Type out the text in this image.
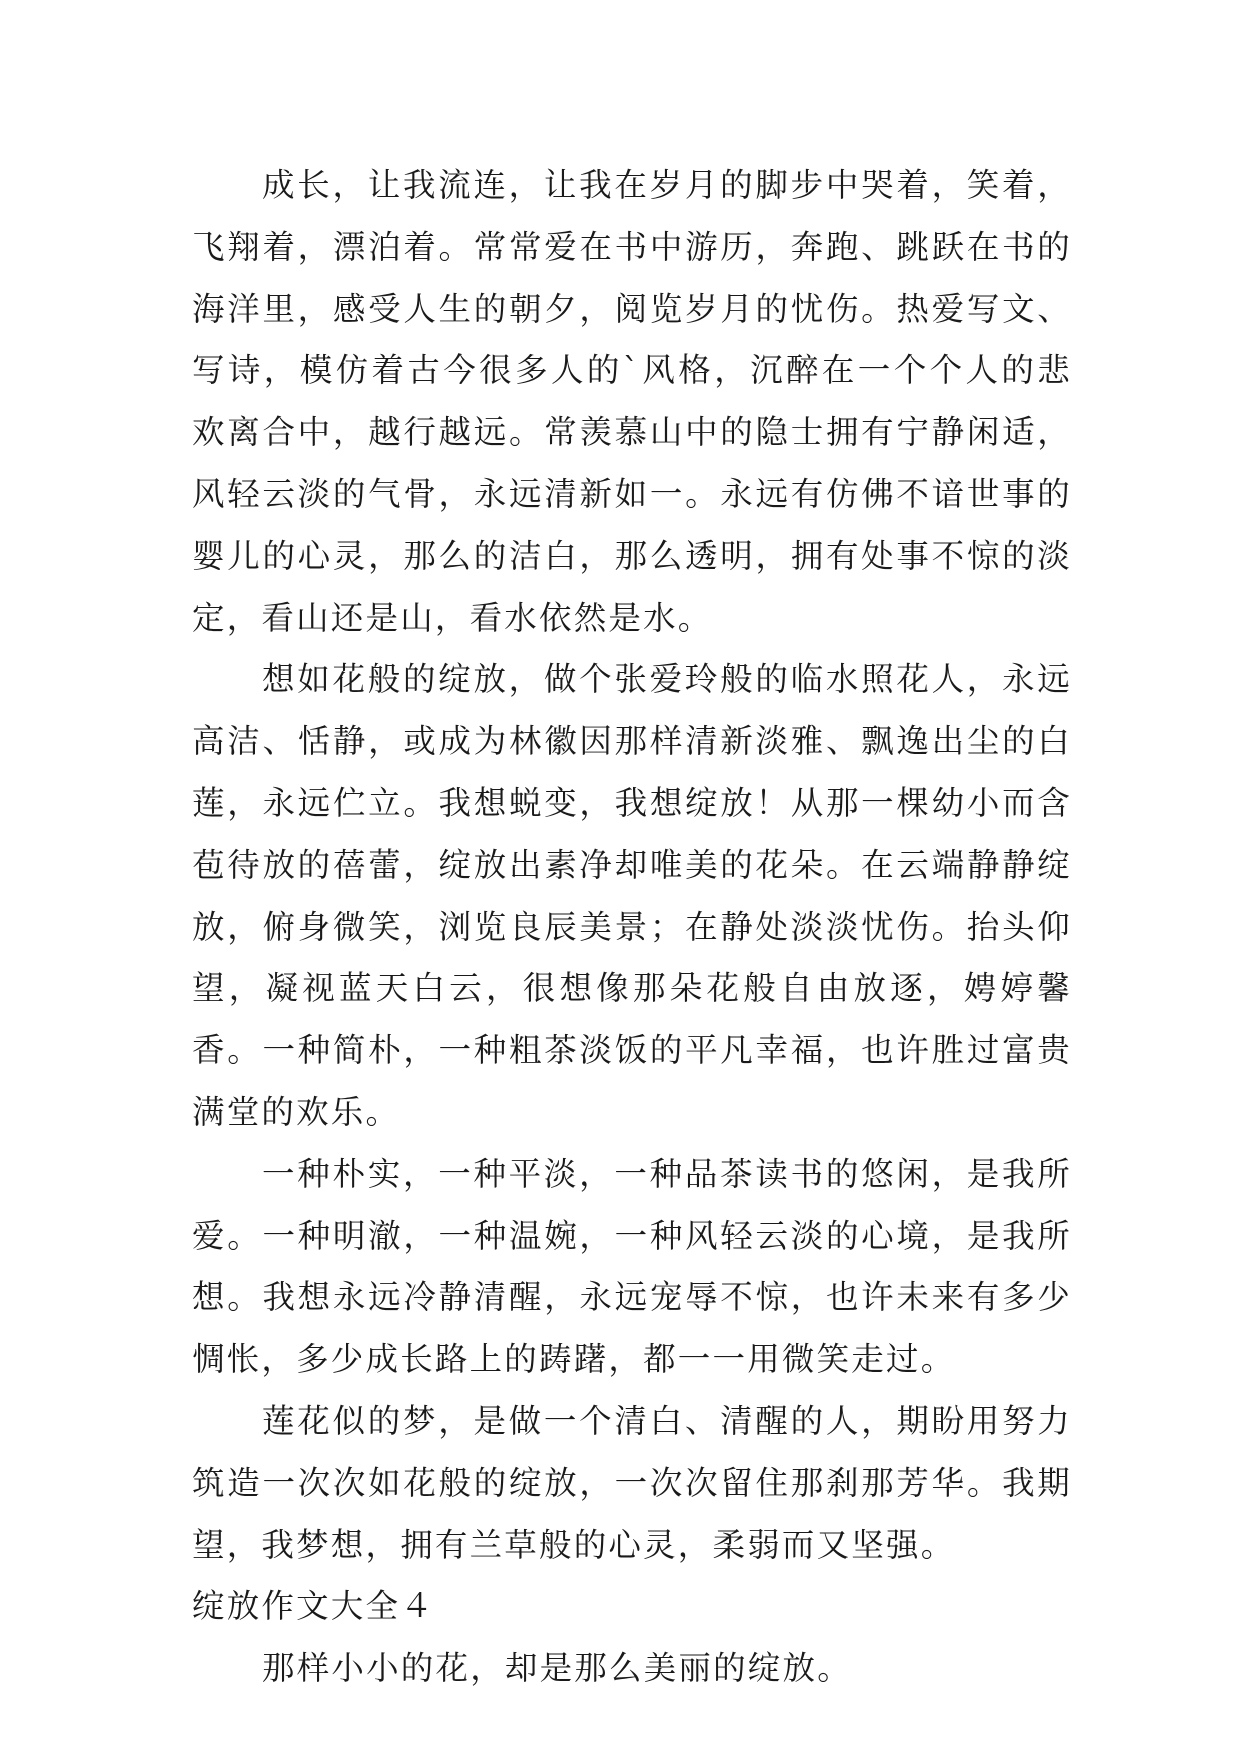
成长，让我流连，让我在岁月的脚步中哭着，笑着，飞翔着，漂泊着。常常爱在书中游历，奔跑、跳跃在书的海洋里，感受人生的朝夕，阅览岁月的忧伤。热爱写文、写诗，模仿着古今很多人的`风格，沉醉在一个个人的悲欢离合中，越行越远。常羡慕山中的隐士拥有宁静闲适，风轻云淡的气骨，永远清新如一。永远有仿佛不谙世事的婴儿的心灵，那么的洁白，那么透明，拥有处事不惊的淡定，看山还是山，看水依然是水。

想如花般的绽放，做个张爱玲般的临水照花人，永远高洁、恬静，或成为林徽因那样清新淡雅、飘逸出尘的白莲，永远伫立。我想蜕变，我想绽放！从那一棵幼小而含苞待放的蓓蕾，绽放出素净却唯美的花朵。在云端静静绽放，俯身微笑，浏览良辰美景；在静处淡淡忧伤。抬头仰望，凝视蓝天白云，很想像那朵花般自由放逐，娉婷馨香。一种简朴，一种粗茶淡饭的平凡幸福，也许胜过富贵满堂的欢乐。

一种朴实，一种平淡，一种品茶读书的悠闲，是我所爱。一种明澈，一种温婉，一种风轻云淡的心境，是我所想。我想永远冷静清醒，永远宠辱不惊，也许未来有多少惆怅，多少成长路上的踌躇，都一一用微笑走过。

莲花似的梦，是做一个清白、清醒的人，期盼用努力筑造一次次如花般的绽放，一次次留住那刹那芳华。我期望，我梦想，拥有兰草般的心灵，柔弱而又坚强。

绽放作文大全４

那样小小的花，却是那么美丽的绽放。
